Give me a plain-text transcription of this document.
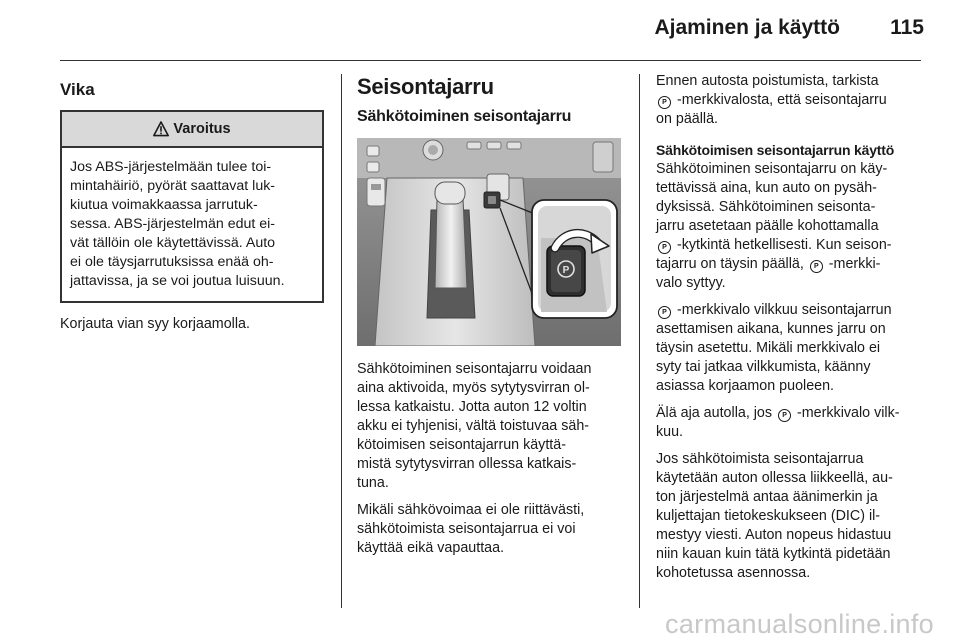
Ajaminen ja käyttö	115
Vika
Varoitus
Jos ABS-järjestelmään tulee toi-
mintahäiriö, pyörät saattavat luk-
kiutua voimakkaassa jarrutuk-
sessa. ABS-järjestelmän edut ei-
vät tällöin ole käytettävissä. Auto
ei ole täysjarrutuksissa enää oh-
jattavissa, ja se voi joutua luisuun.

Korjauta vian syy korjaamolla.

Seisontajarru
Sähkötoiminen seisontajarru
P

Sähkötoiminen seisontajarru voidaan
aina aktivoida, myös sytytysvirran ol-
lessa katkaistu. Jotta auton 12 voltin
akku ei tyhjenisi, vältä toistuvaa säh-
kötoimisen seisontajarrun käyttä-
mistä sytytysvirran ollessa katkais-
tuna.

Mikäli sähkövoimaa ei ole riittävästi,
sähkötoimista seisontajarrua ei voi
käyttää eikä vapauttaa.

Ennen autosta poistumista, tarkista
P -merkkivalosta, että seisontajarru
on päällä.

Sähkötoimisen seisontajarrun käyttö

Sähkötoiminen seisontajarru on käy-
tettävissä aina, kun auto on pysäh-
dyksissä. Sähkötoiminen seisonta-
jarru asetetaan päälle kohottamalla
P -kytkintä hetkellisesti. Kun seison-
tajarru on täysin päällä, P -merkki-
valo syttyy.

P -merkkivalo vilkkuu seisontajarrun
asettamisen aikana, kunnes jarru on
täysin asetettu. Mikäli merkkivalo ei
syty tai jatkaa vilkkumista, käänny
asiassa korjaamon puoleen.

Älä aja autolla, jos P -merkkivalo vilk-
kuu.

Jos sähkötoimista seisontajarrua
käytetään auton ollessa liikkeellä, au-
ton järjestelmä antaa äänimerkin ja
kuljettajan tietokeskukseen (DIC) il-
mestyy viesti. Auton nopeus hidastuu
niin kauan kuin tätä kytkintä pidetään
kohotetussa asennossa.

carmanualsonline.info
